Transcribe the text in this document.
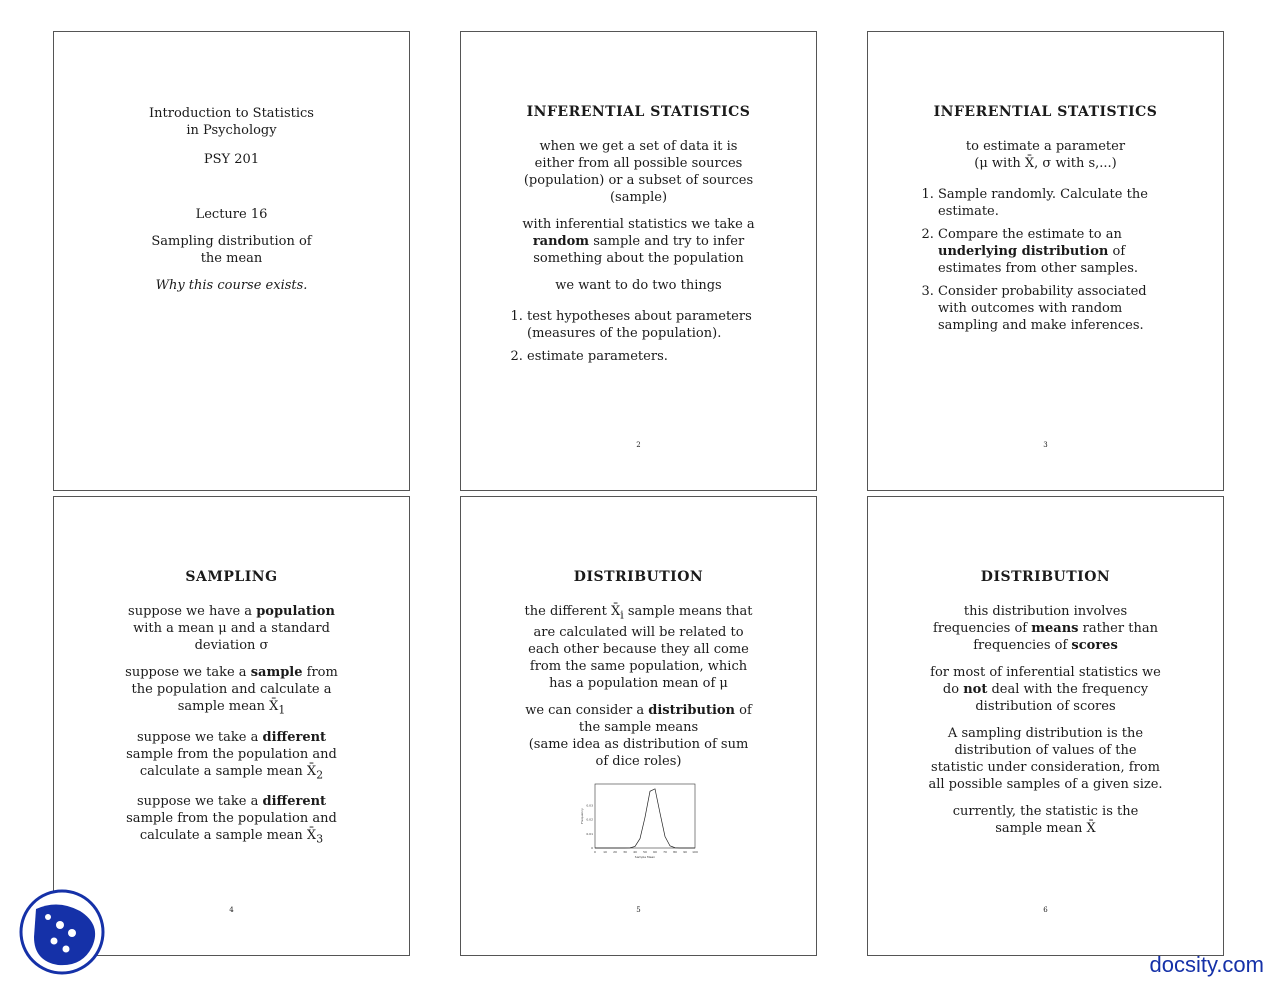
Introduction to Statistics in Psychology

PSY 201

Lecture 16

Sampling distribution of the mean

Why this course exists.

INFERENTIAL STATISTICS

when we get a set of data it is either from all possible sources (population) or a subset of sources (sample)

with inferential statistics we take a random sample and try to infer something about the population

we want to do two things

1. test hypotheses about parameters (measures of the population).
2. estimate parameters.
2
INFERENTIAL STATISTICS

to estimate a parameter
(μ with X̄, σ with s,...)

1. Sample randomly. Calculate the estimate.
2. Compare the estimate to an underlying distribution of estimates from other samples.
3. Consider probability associated with outcomes with random sampling and make inferences.
3
SAMPLING

suppose we have a population with a mean μ and a standard deviation σ

suppose we take a sample from the population and calculate a sample mean $X̄_1$

suppose we take a different sample from the population and calculate a sample mean $X̄_2$

suppose we take a different sample from the population and calculate a sample mean $X̄_3$

4
DISTRIBUTION

the different $X̄_i$ sample means that are calculated will be related to each other because they all come from the same population, which has a population mean of μ

we can consider a distribution of the sample means

(same idea as distribution of sum of dice roles)

0 10 20 30 40 50 60 70 80 90 100
0
0.01
0.02
0.03
Sample Mean
Frequency
5
DISTRIBUTION

this distribution involves frequencies of means rather than frequencies of scores

for most of inferential statistics we do not deal with the frequency distribution of scores

A sampling distribution is the distribution of values of the statistic under consideration, from all possible samples of a given size.

currently, the statistic is the sample mean X̄

6
docsity.com
